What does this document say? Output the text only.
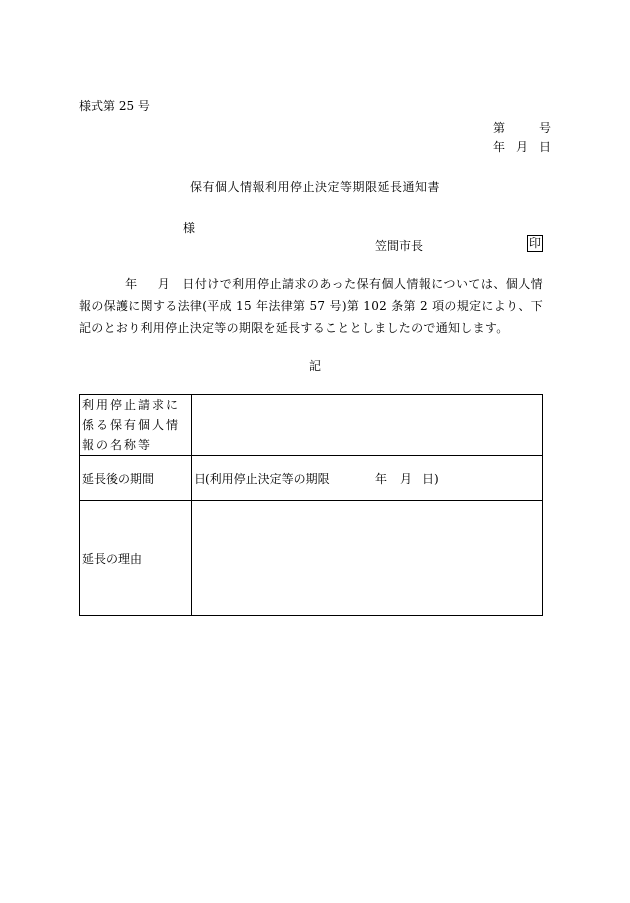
様式第 25 号
第	号
年 月 日
保有個人情報利用停止決定等期限延長通知書
様
笠間市長	印
年 月 日付けで利用停止請求のあった保有個人情報については、個人情報の保護に関する法律(平成 15 年法律第 57 号)第 102 条第 2 項の規定により、下記のとおり利用停止決定等の期限を延長することとしましたので通知します。
記
利用停止請求に係る保有個人情報の名称等	

延長後の期間	日
(利用停止決定等の期限 年 月 日)

延長の理由	
